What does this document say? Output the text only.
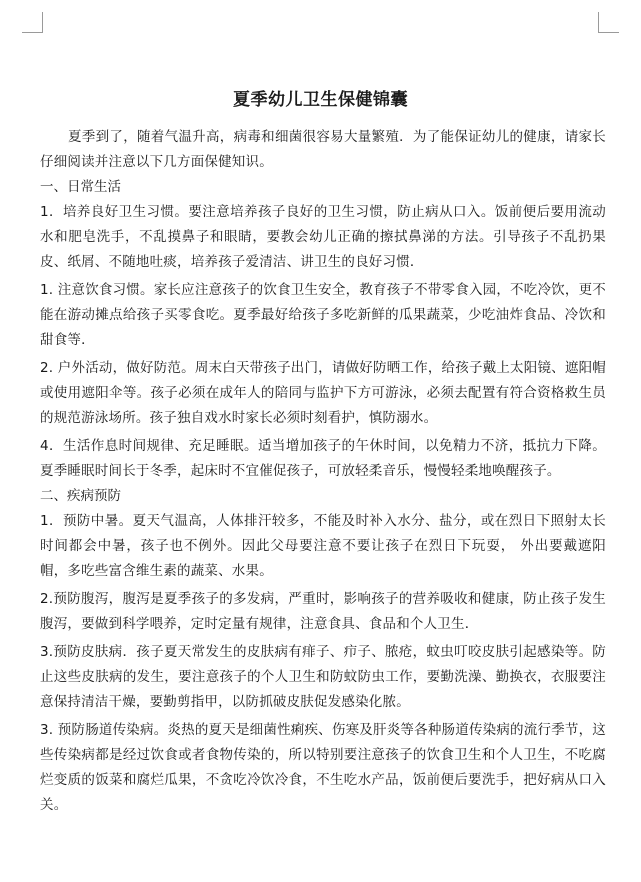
夏季幼儿卫生保健锦囊

夏季到了，随着气温升高，病毒和细菌很容易大量繁殖．为了能保证幼儿的健康，请家长仔细阅读并注意以下几方面保健知识。

一、日常生活

1．培养良好卫生习惯。要注意培养孩子良好的卫生习惯，防止病从口入。饭前便后要用流动水和肥皂洗手，不乱摸鼻子和眼睛，要教会幼儿正确的擦拭鼻涕的方法。引导孩子不乱扔果皮、纸屑、不随地吐痰，培养孩子爱清洁、讲卫生的良好习惯．

1. 注意饮食习惯。家长应注意孩子的饮食卫生安全，教育孩子不带零食入园，不吃冷饮，更不能在游动摊点给孩子买零食吃。夏季最好给孩子多吃新鲜的瓜果蔬菜，少吃油炸食品、冷饮和甜食等．

2. 户外活动，做好防范。周末白天带孩子出门，请做好防晒工作，给孩子戴上太阳镜、遮阳帽或使用遮阳伞等。孩子必须在成年人的陪同与监护下方可游泳，必须去配置有符合资格救生员的规范游泳场所。孩子独自戏水时家长必须时刻看护，慎防溺水。

4．生活作息时间规律、充足睡眠。适当增加孩子的午休时间，以免精力不济，抵抗力下降。夏季睡眠时间长于冬季，起床时不宜催促孩子，可放轻柔音乐，慢慢轻柔地唤醒孩子。

二、疾病预防

1．预防中暑。夏天气温高，人体排汗较多，不能及时补入水分、盐分，或在烈日下照射太长时间都会中暑，孩子也不例外。因此父母要注意不要让孩子在烈日下玩耍， 外出要戴遮阳帽，多吃些富含维生素的蔬菜、水果。

2.预防腹泻，腹泻是夏季孩子的多发病，严重时，影响孩子的营养吸收和健康，防止孩子发生腹泻，要做到科学喂养，定时定量有规律，注意食具、食品和个人卫生．

3.预防皮肤病．孩子夏天常发生的皮肤病有痱子、疖子、脓疮，蚊虫叮咬皮肤引起感染等。防止这些皮肤病的发生，要注意孩子的个人卫生和防蚊防虫工作，要勤洗澡、勤换衣，衣服要注意保持清洁干燥，要勤剪指甲，以防抓破皮肤促发感染化脓。

3. 预防肠道传染病。炎热的夏天是细菌性痢疾、伤寒及肝炎等各种肠道传染病的流行季节，这些传染病都是经过饮食或者食物传染的，所以特别要注意孩子的饮食卫生和个人卫生，不吃腐烂变质的饭菜和腐烂瓜果，不贪吃冷饮冷食，不生吃水产品，饭前便后要洗手，把好病从口入关。
